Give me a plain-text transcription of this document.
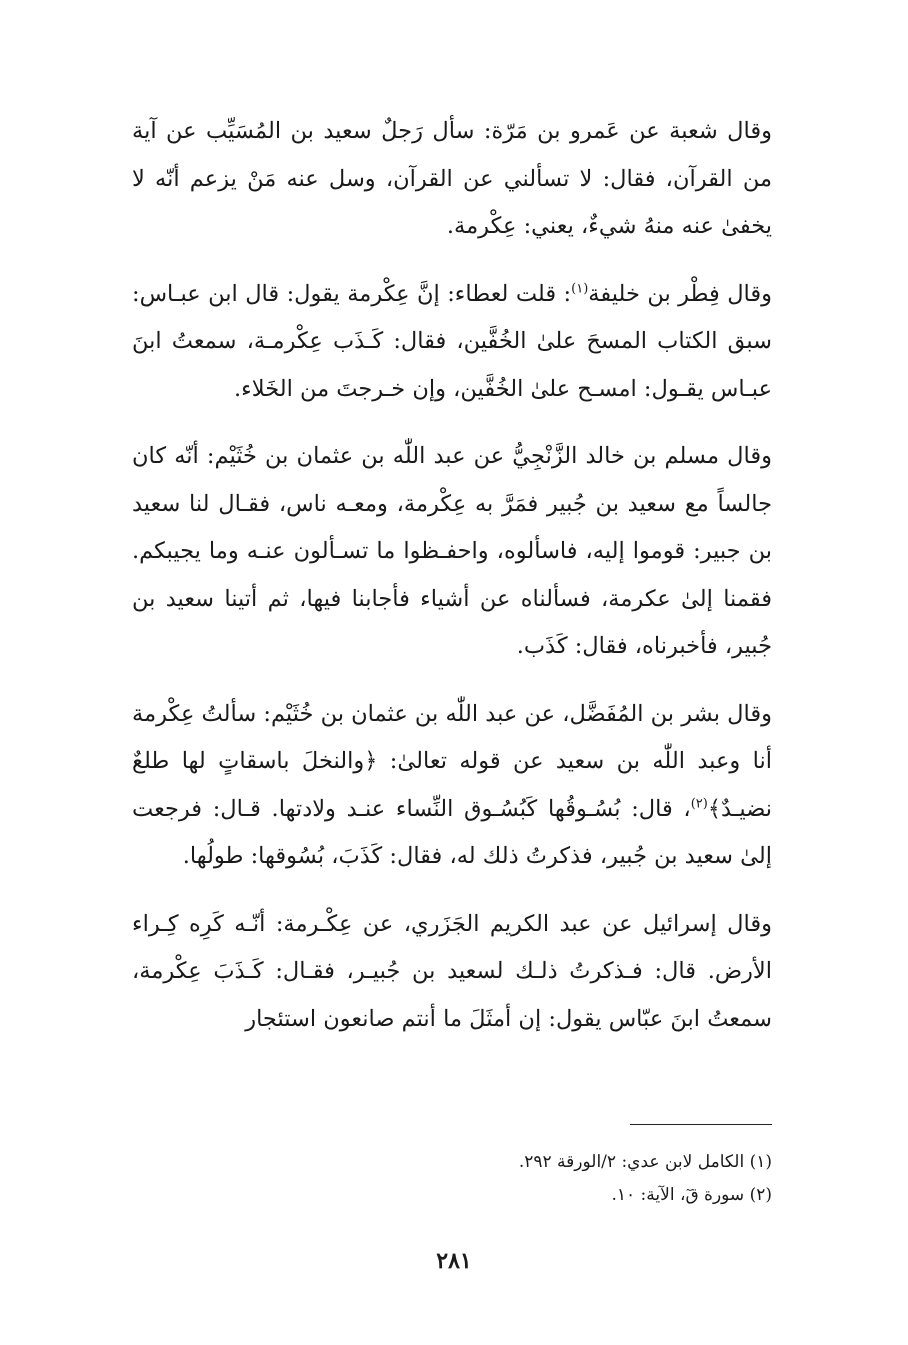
وقال شعبة عن عَمرو بن مَرّة: سأل رَجلٌ سعيد بن المُسَيِّب عن آية من القرآن، فقال: لا تسألني عن القرآن، وسل عنه مَنْ يزعم أنّه لا يخفىٰ عنه منهُ شيءٌ، يعني: عِكْرمة.

وقال فِطْر بن خليفة$^{(١)}$: قلت لعطاء: إنَّ عِكْرمة يقول: قال ابن عبـاس: سبق الكتاب المسحَ علىٰ الخُفَّين، فقال: كَـذَب عِكْرمـة، سمعتُ ابنَ عبـاس يقـول: امسـح علىٰ الخُفَّين، وإن خـرجتَ من الخَلاء.

وقال مسلم بن خالد الزَّنْجِيُّ عن عبد اللّٰه بن عثمان بن خُثَيْم: أنّه كان جالساً مع سعيد بن جُبير فمَرَّ به عِكْرمة، ومعـه ناس، فقـال لنا سعيد بن جبير: قوموا إليه، فاسألوه، واحفـظوا ما تسـألون عنـه وما يجيبكم. فقمنا إلىٰ عكرمة، فسألناه عن أشياء فأجابنا فيها، ثم أتينا سعيد بن جُبير، فأخبرناه، فقال: كَذَب.

وقال بشر بن المُفَضَّل، عن عبد اللّٰه بن عثمان بن خُثَيْم: سألتُ عِكْرمة أنا وعبد اللّٰه بن سعيد عن قوله تعالىٰ: ﴿والنخلَ باسقاتٍ لها طلعٌ نضيـدٌ﴾$^{(٢)}$، قال: بُسُـوقُها كَبُسُـوق النِّساء عنـد ولادتها. قـال: فرجعت إلىٰ سعيد بن جُبير، فذكرتُ ذلك له، فقال: كَذَبَ، بُسُوقها: طولُها.

وقال إسرائيل عن عبد الكريم الجَزَري، عن عِكْـرمة: أنّـه كَرِه كِـراء الأرض. قال: فـذكرتُ ذلـك لسعيد بن جُبيـر، فقـال: كَـذَبَ عِكْرمة، سمعتُ ابنَ عبّاس يقول: إن أمثَلَ ما أنتم صانعون استئجار

(١) الكامل لابن عدي: ٢/الورقة ٢٩٢.

(٢) سورة قٓ، الآية: ١٠.

٢٨١
